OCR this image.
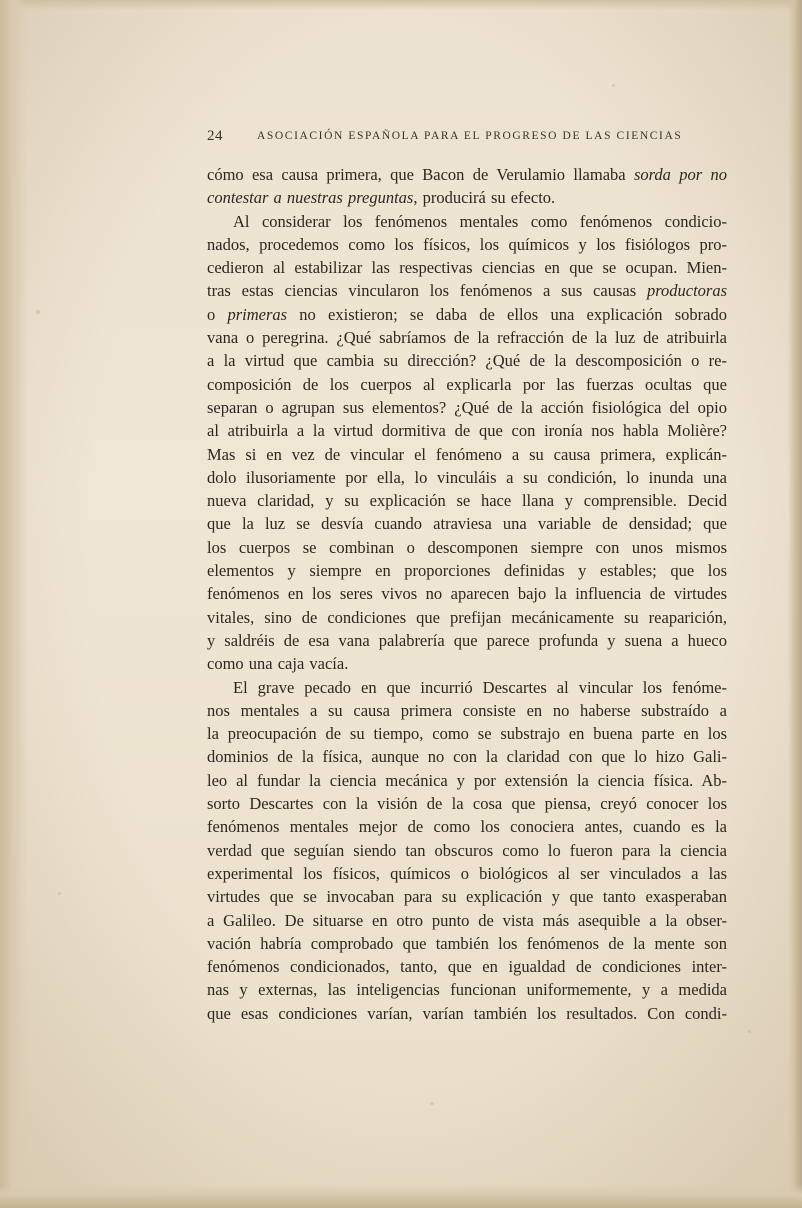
24	ASOCIACIÓN ESPAÑOLA PARA EL PROGRESO DE LAS CIENCIAS
cómo esa causa primera, que Bacon de Verulamio llamaba sorda por no
contestar a nuestras preguntas, producirá su efecto.
Al considerar los fenómenos mentales como fenómenos condicio-
nados, procedemos como los físicos, los químicos y los fisiólogos pro-
cedieron al estabilizar las respectivas ciencias en que se ocupan. Mien-
tras estas ciencias vincularon los fenómenos a sus causas productoras
o primeras no existieron; se daba de ellos una explicación sobrado
vana o peregrina. ¿Qué sabríamos de la refracción de la luz de atribuirla
a la virtud que cambia su dirección? ¿Qué de la descomposición o re-
composición de los cuerpos al explicarla por las fuerzas ocultas que
separan o agrupan sus elementos? ¿Qué de la acción fisiológica del opio
al atribuirla a la virtud dormitiva de que con ironía nos habla Molière?
Mas si en vez de vincular el fenómeno a su causa primera, explicán-
dolo ilusoriamente por ella, lo vinculáis a su condición, lo inunda una
nueva claridad, y su explicación se hace llana y comprensible. Decid
que la luz se desvía cuando atraviesa una variable de densidad; que
los cuerpos se combinan o descomponen siempre con unos mismos
elementos y siempre en proporciones definidas y estables; que los
fenómenos en los seres vivos no aparecen bajo la influencia de virtudes
vitales, sino de condiciones que prefijan mecánicamente su reaparición,
y saldréis de esa vana palabrería que parece profunda y suena a hueco
como una caja vacía.
El grave pecado en que incurrió Descartes al vincular los fenóme-
nos mentales a su causa primera consiste en no haberse substraído a
la preocupación de su tiempo, como se substrajo en buena parte en los
dominios de la física, aunque no con la claridad con que lo hizo Gali-
leo al fundar la ciencia mecánica y por extensión la ciencia física. Ab-
sorto Descartes con la visión de la cosa que piensa, creyó conocer los
fenómenos mentales mejor de como los conociera antes, cuando es la
verdad que seguían siendo tan obscuros como lo fueron para la ciencia
experimental los físicos, químicos o biológicos al ser vinculados a las
virtudes que se invocaban para su explicación y que tanto exasperaban
a Galileo. De situarse en otro punto de vista más asequible a la obser-
vación habría comprobado que también los fenómenos de la mente son
fenómenos condicionados, tanto, que en igualdad de condiciones inter-
nas y externas, las inteligencias funcionan uniformemente, y a medida
que esas condiciones varían, varían también los resultados. Con condi-
